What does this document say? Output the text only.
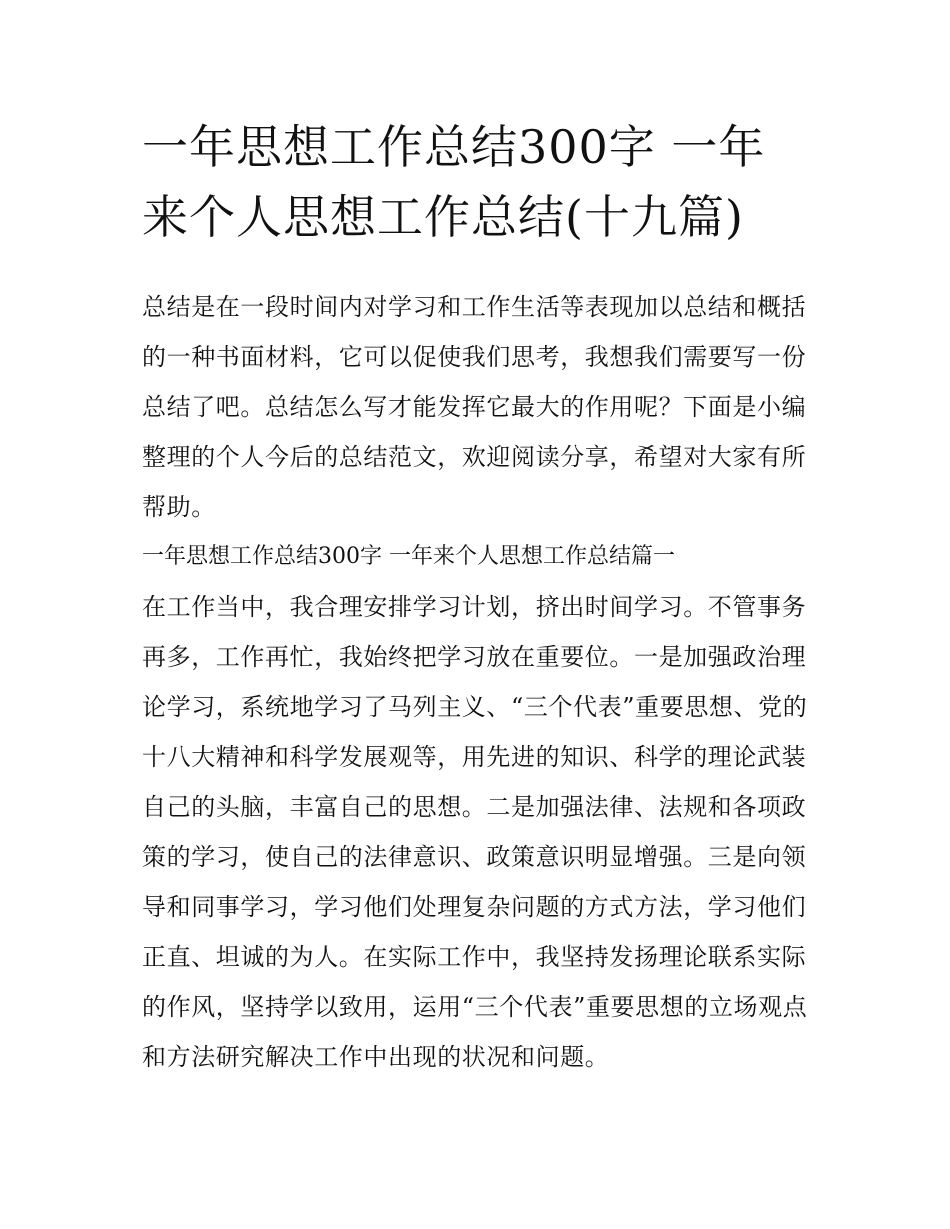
一年思想工作总结300字 一年
来个人思想工作总结(十九篇)

总结是在一段时间内对学习和工作生活等表现加以总结和概括
的一种书面材料，它可以促使我们思考，我想我们需要写一份
总结了吧。总结怎么写才能发挥它最大的作用呢？下面是小编
整理的个人今后的总结范文，欢迎阅读分享，希望对大家有所
帮助。

一年思想工作总结300字 一年来个人思想工作总结篇一

在工作当中，我合理安排学习计划，挤出时间学习。不管事务
再多，工作再忙，我始终把学习放在重要位。一是加强政治理
论学习，系统地学习了马列主义、“三个代表”重要思想、党的
十八大精神和科学发展观等，用先进的知识、科学的理论武装
自己的头脑，丰富自己的思想。二是加强法律、法规和各项政
策的学习，使自己的法律意识、政策意识明显增强。三是向领
导和同事学习，学习他们处理复杂问题的方式方法，学习他们
正直、坦诚的为人。在实际工作中，我坚持发扬理论联系实际
的作风，坚持学以致用，运用“三个代表”重要思想的立场观点
和方法研究解决工作中出现的状况和问题。
